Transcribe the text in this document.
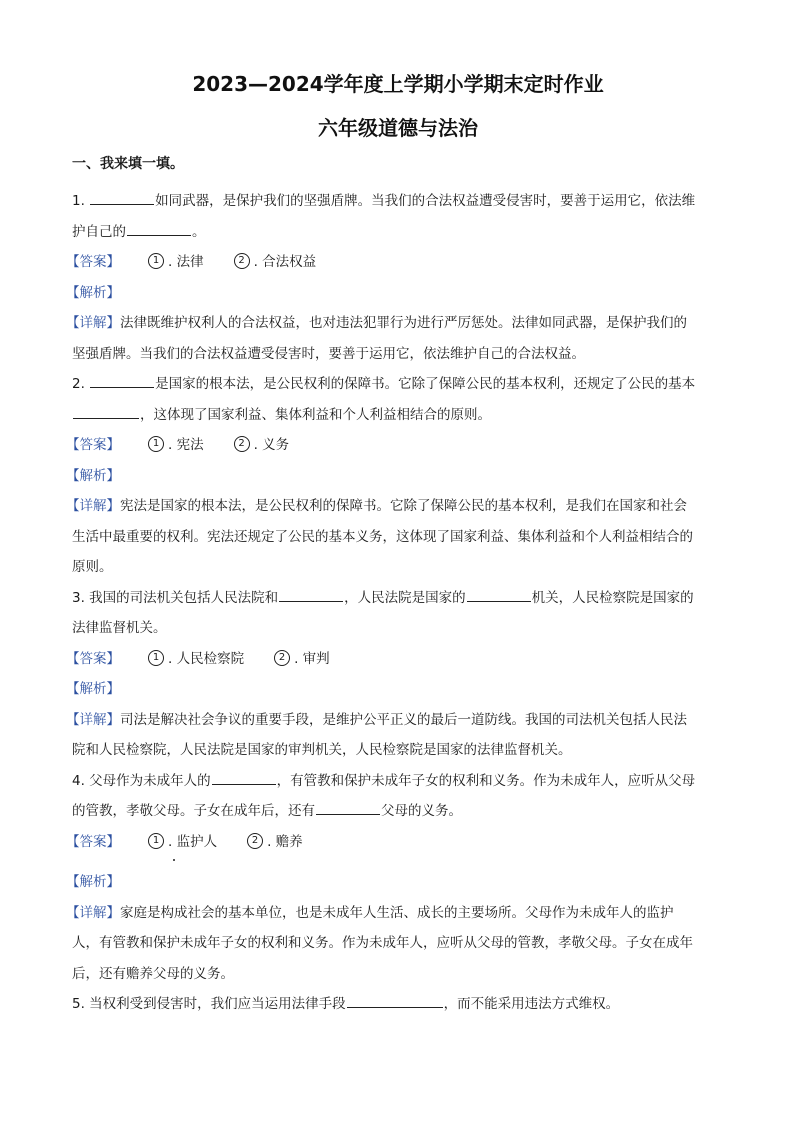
2023—2024学年度上学期小学期末定时作业
六年级道德与法治

一、我来填一填。

1.	如同武器，是保护我们的坚强盾牌。当我们的合法权益遭受侵害时，要善于运用它，依法维

护自己的	。

【答案】	1 . 法律	2 . 合法权益

【解析】

【详解】法律既维护权利人的合法权益，也对违法犯罪行为进行严厉惩处。法律如同武器，是保护我们的

坚强盾牌。当我们的合法权益遭受侵害时，要善于运用它，依法维护自己的合法权益。

2.	是国家的根本法，是公民权利的保障书。它除了保障公民的基本权利，还规定了公民的基本

，这体现了国家利益、集体利益和个人利益相结合的原则。

【答案】	1 . 宪法	2 . 义务

【解析】

【详解】宪法是国家的根本法，是公民权利的保障书。它除了保障公民的基本权利，是我们在国家和社会

生活中最重要的权利。宪法还规定了公民的基本义务，这体现了国家利益、集体利益和个人利益相结合的

原则。

3. 我国的司法机关包括人民法院和	，人民法院是国家的	机关，人民检察院是国家的

法律监督机关。

【答案】	1 . 人民检察院	2 . 审判

【解析】

【详解】司法是解决社会争议的重要手段，是维护公平正义的最后一道防线。我国的司法机关包括人民法

院和人民检察院，人民法院是国家的审判机关，人民检察院是国家的法律监督机关。

4. 父母作为未成年人的	，有管教和保护未成年子女的权利和义务。作为未成年人，应听从父母

的管教，孝敬父母。子女在成年后，还有	父母的义务。

【答案】	1 . 监护人	2 . 赡养

【解析】

【详解】家庭是构成社会的基本单位，也是未成年人生活、成长的主要场所。父母作为未成年人的监护

人，有管教和保护未成年子女的权利和义务。作为未成年人，应听从父母的管教，孝敬父母。子女在成年

后，还有赡养父母的义务。

5. 当权利受到侵害时，我们应当运用法律手段	，而不能采用违法方式维权。
